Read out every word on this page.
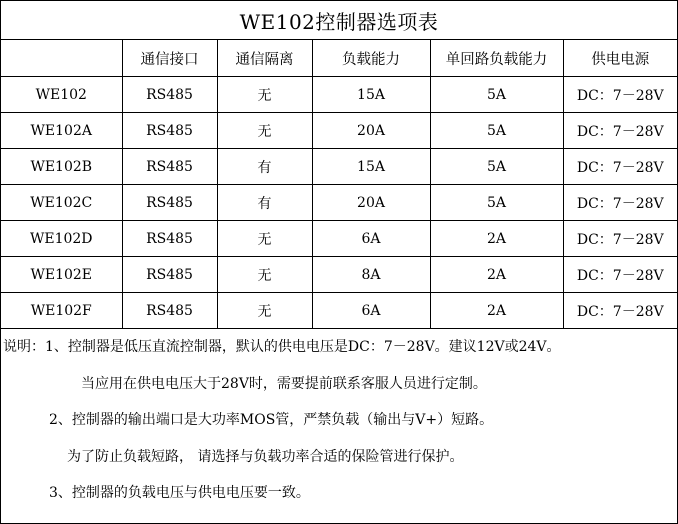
WE102控制器选项表
	通信接口	通信隔离	负载能力	单回路负载能力	供电电源
WE102	RS485	无	15A	5A	DC：7－28V
WE102A	RS485	无	20A	5A	DC：7－28V
WE102B	RS485	有	15A	5A	DC：7－28V
WE102C	RS485	有	20A	5A	DC：7－28V
WE102D	RS485	无	6A	2A	DC：7－28V
WE102E	RS485	无	8A	2A	DC：7－28V
WE102F	RS485	无	6A	2A	DC：7－28V
说明：1、控制器是低压直流控制器，默认的供电电压是DC：7－28V。建议12V或24V。
当应用在供电电压大于28V时，需要提前联系客服人员进行定制。
2、控制器的输出端口是大功率MOS管，严禁负载（输出与V+）短路。
为了防止负载短路， 请选择与负载功率合适的保险管进行保护。
3、控制器的负载电压与供电电压要一致。
